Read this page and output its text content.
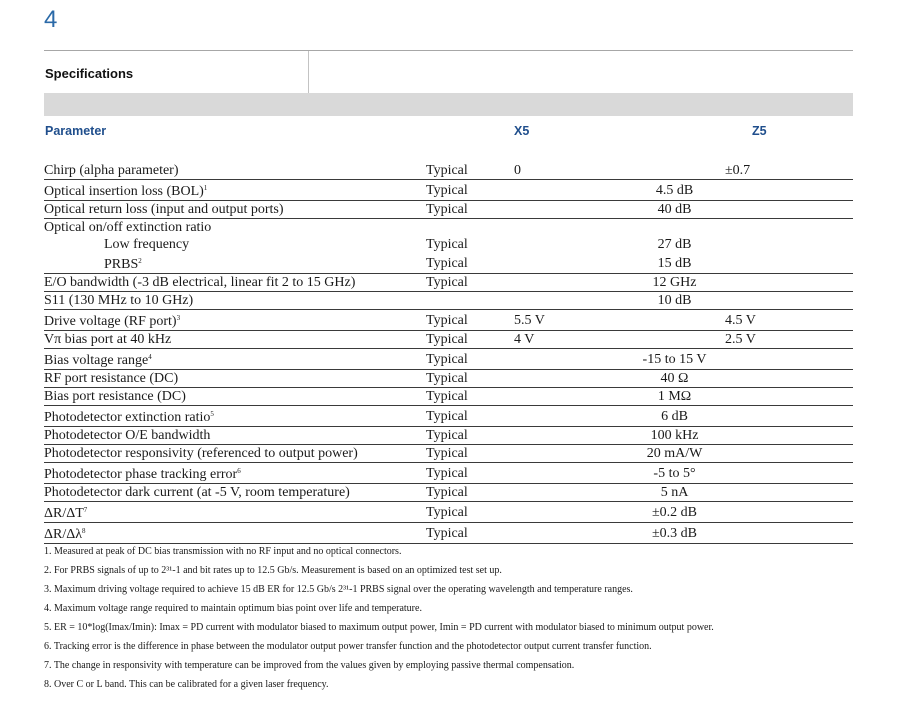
4
Specifications
Parameter	X5	Z5
Chirp (alpha parameter)	Typical	0		±0.7
Optical insertion loss (BOL)$^1$	Typical		4.5 dB	
Optical return loss (input and output ports)	Typical		40 dB	
Optical on/off extinction ratio				
Low frequency	Typical		27 dB	
PRBS$^2$	Typical		15 dB	
E/O bandwidth (-3 dB electrical, linear fit 2 to 15 GHz)	Typical		12 GHz	
S11 (130 MHz to 10 GHz)			10 dB	
Drive voltage (RF port)$^3$	Typical	5.5 V		4.5 V
Vπ bias port at 40 kHz	Typical	4 V		2.5 V
Bias voltage range$^4$	Typical		-15 to 15 V	
RF port resistance (DC)	Typical		40 Ω	
Bias port resistance (DC)	Typical		1 MΩ	
Photodetector extinction ratio$^5$	Typical		6 dB	
Photodetector O/E bandwidth	Typical		100 kHz	
Photodetector responsivity (referenced to output power)	Typical		20 mA/W	
Photodetector phase tracking error$^6$	Typical		-5 to 5°	
Photodetector dark current (at -5 V, room temperature)	Typical		5 nA	
$\Delta R/\Delta T^7$	Typical		±0.2 dB	
$\Delta R/\Delta\lambda^8$	Typical		±0.3 dB	
1. Measured at peak of DC bias transmission with no RF input and no optical connectors.
2. For PRBS signals of up to 2³¹-1 and bit rates up to 12.5 Gb/s. Measurement is based on an optimized test set up.
3. Maximum driving voltage required to achieve 15 dB ER for 12.5 Gb/s 2³¹-1 PRBS signal over the operating wavelength and temperature ranges.
4. Maximum voltage range required to maintain optimum bias point over life and temperature.
5. ER = 10*log(Imax/Imin): Imax = PD current with modulator biased to maximum output power, Imin = PD current with modulator biased to minimum output power.
6. Tracking error is the difference in phase between the modulator output power transfer function and the photodetector output current transfer function.
7. The change in responsivity with temperature can be improved from the values given by employing passive thermal compensation.
8. Over C or L band. This can be calibrated for a given laser frequency.
